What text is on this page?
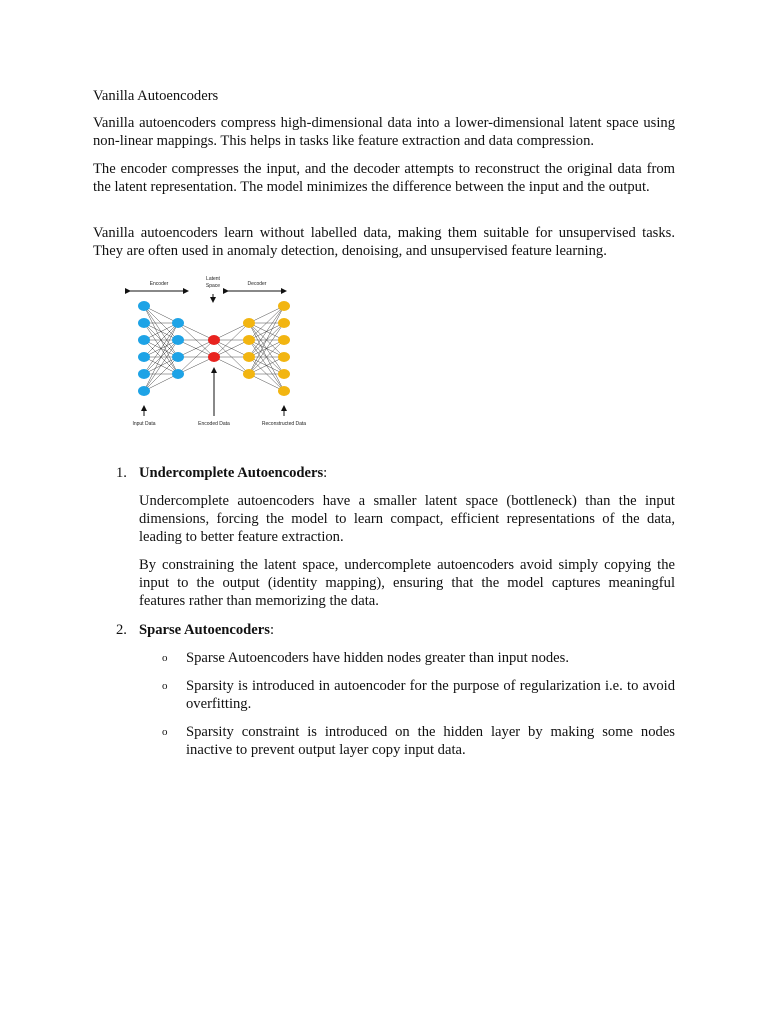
Vanilla Autoencoders

Vanilla autoencoders compress high-dimensional data into a lower-dimensional latent space using non-linear mappings. This helps in tasks like feature extraction and data compression.

The encoder compresses the input, and the decoder attempts to reconstruct the original data from the latent representation. The model minimizes the difference between the input and the output.

Vanilla autoencoders learn without labelled data, making them suitable for unsupervised tasks. They are often used in anomaly detection, denoising, and unsupervised feature learning.

Encoder
Latent
Space	Decoder
Input Data	Encoded Data	Reconstructed Data
1. Undercomplete Autoencoders:

Undercomplete autoencoders have a smaller latent space (bottleneck) than the input dimensions, forcing the model to learn compact, efficient representations of the data, leading to better feature extraction.

By constraining the latent space, undercomplete autoencoders avoid simply copying the input to the output (identity mapping), ensuring that the model captures meaningful features rather than memorizing the data.

2. Sparse Autoencoders:
o	Sparse Autoencoders have hidden nodes greater than input nodes.

o	Sparsity is introduced in autoencoder for the purpose of regularization i.e. to avoid overfitting.

o	Sparsity constraint is introduced on the hidden layer by making some nodes inactive to prevent output layer copy input data.
